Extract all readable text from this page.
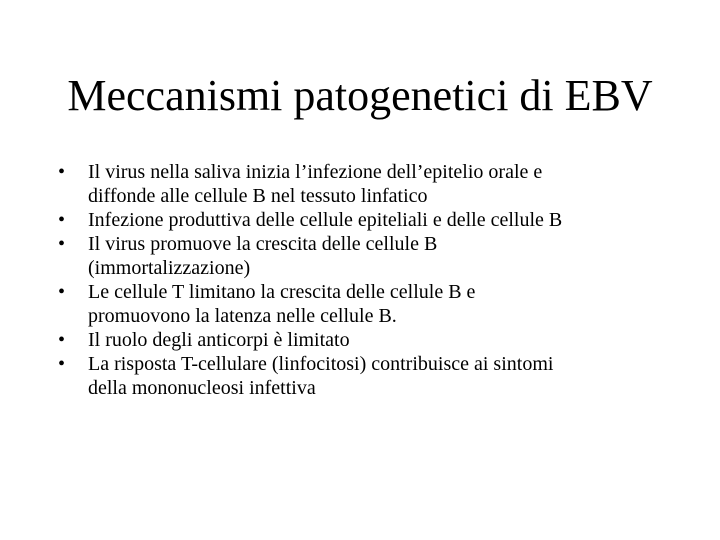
Meccanismi patogenetici di EBV
•	Il virus nella saliva inizia l’infezione dell’epitelio orale e
diffonde alle cellule B nel tessuto linfatico
•	Infezione produttiva delle cellule epiteliali e delle cellule B
•	Il virus promuove la crescita delle cellule B
(immortalizzazione)
•	Le cellule T limitano la crescita delle cellule B e
promuovono la latenza nelle cellule B.
•	Il ruolo degli anticorpi è limitato
•	La risposta T-cellulare (linfocitosi) contribuisce ai sintomi
della mononucleosi infettiva
